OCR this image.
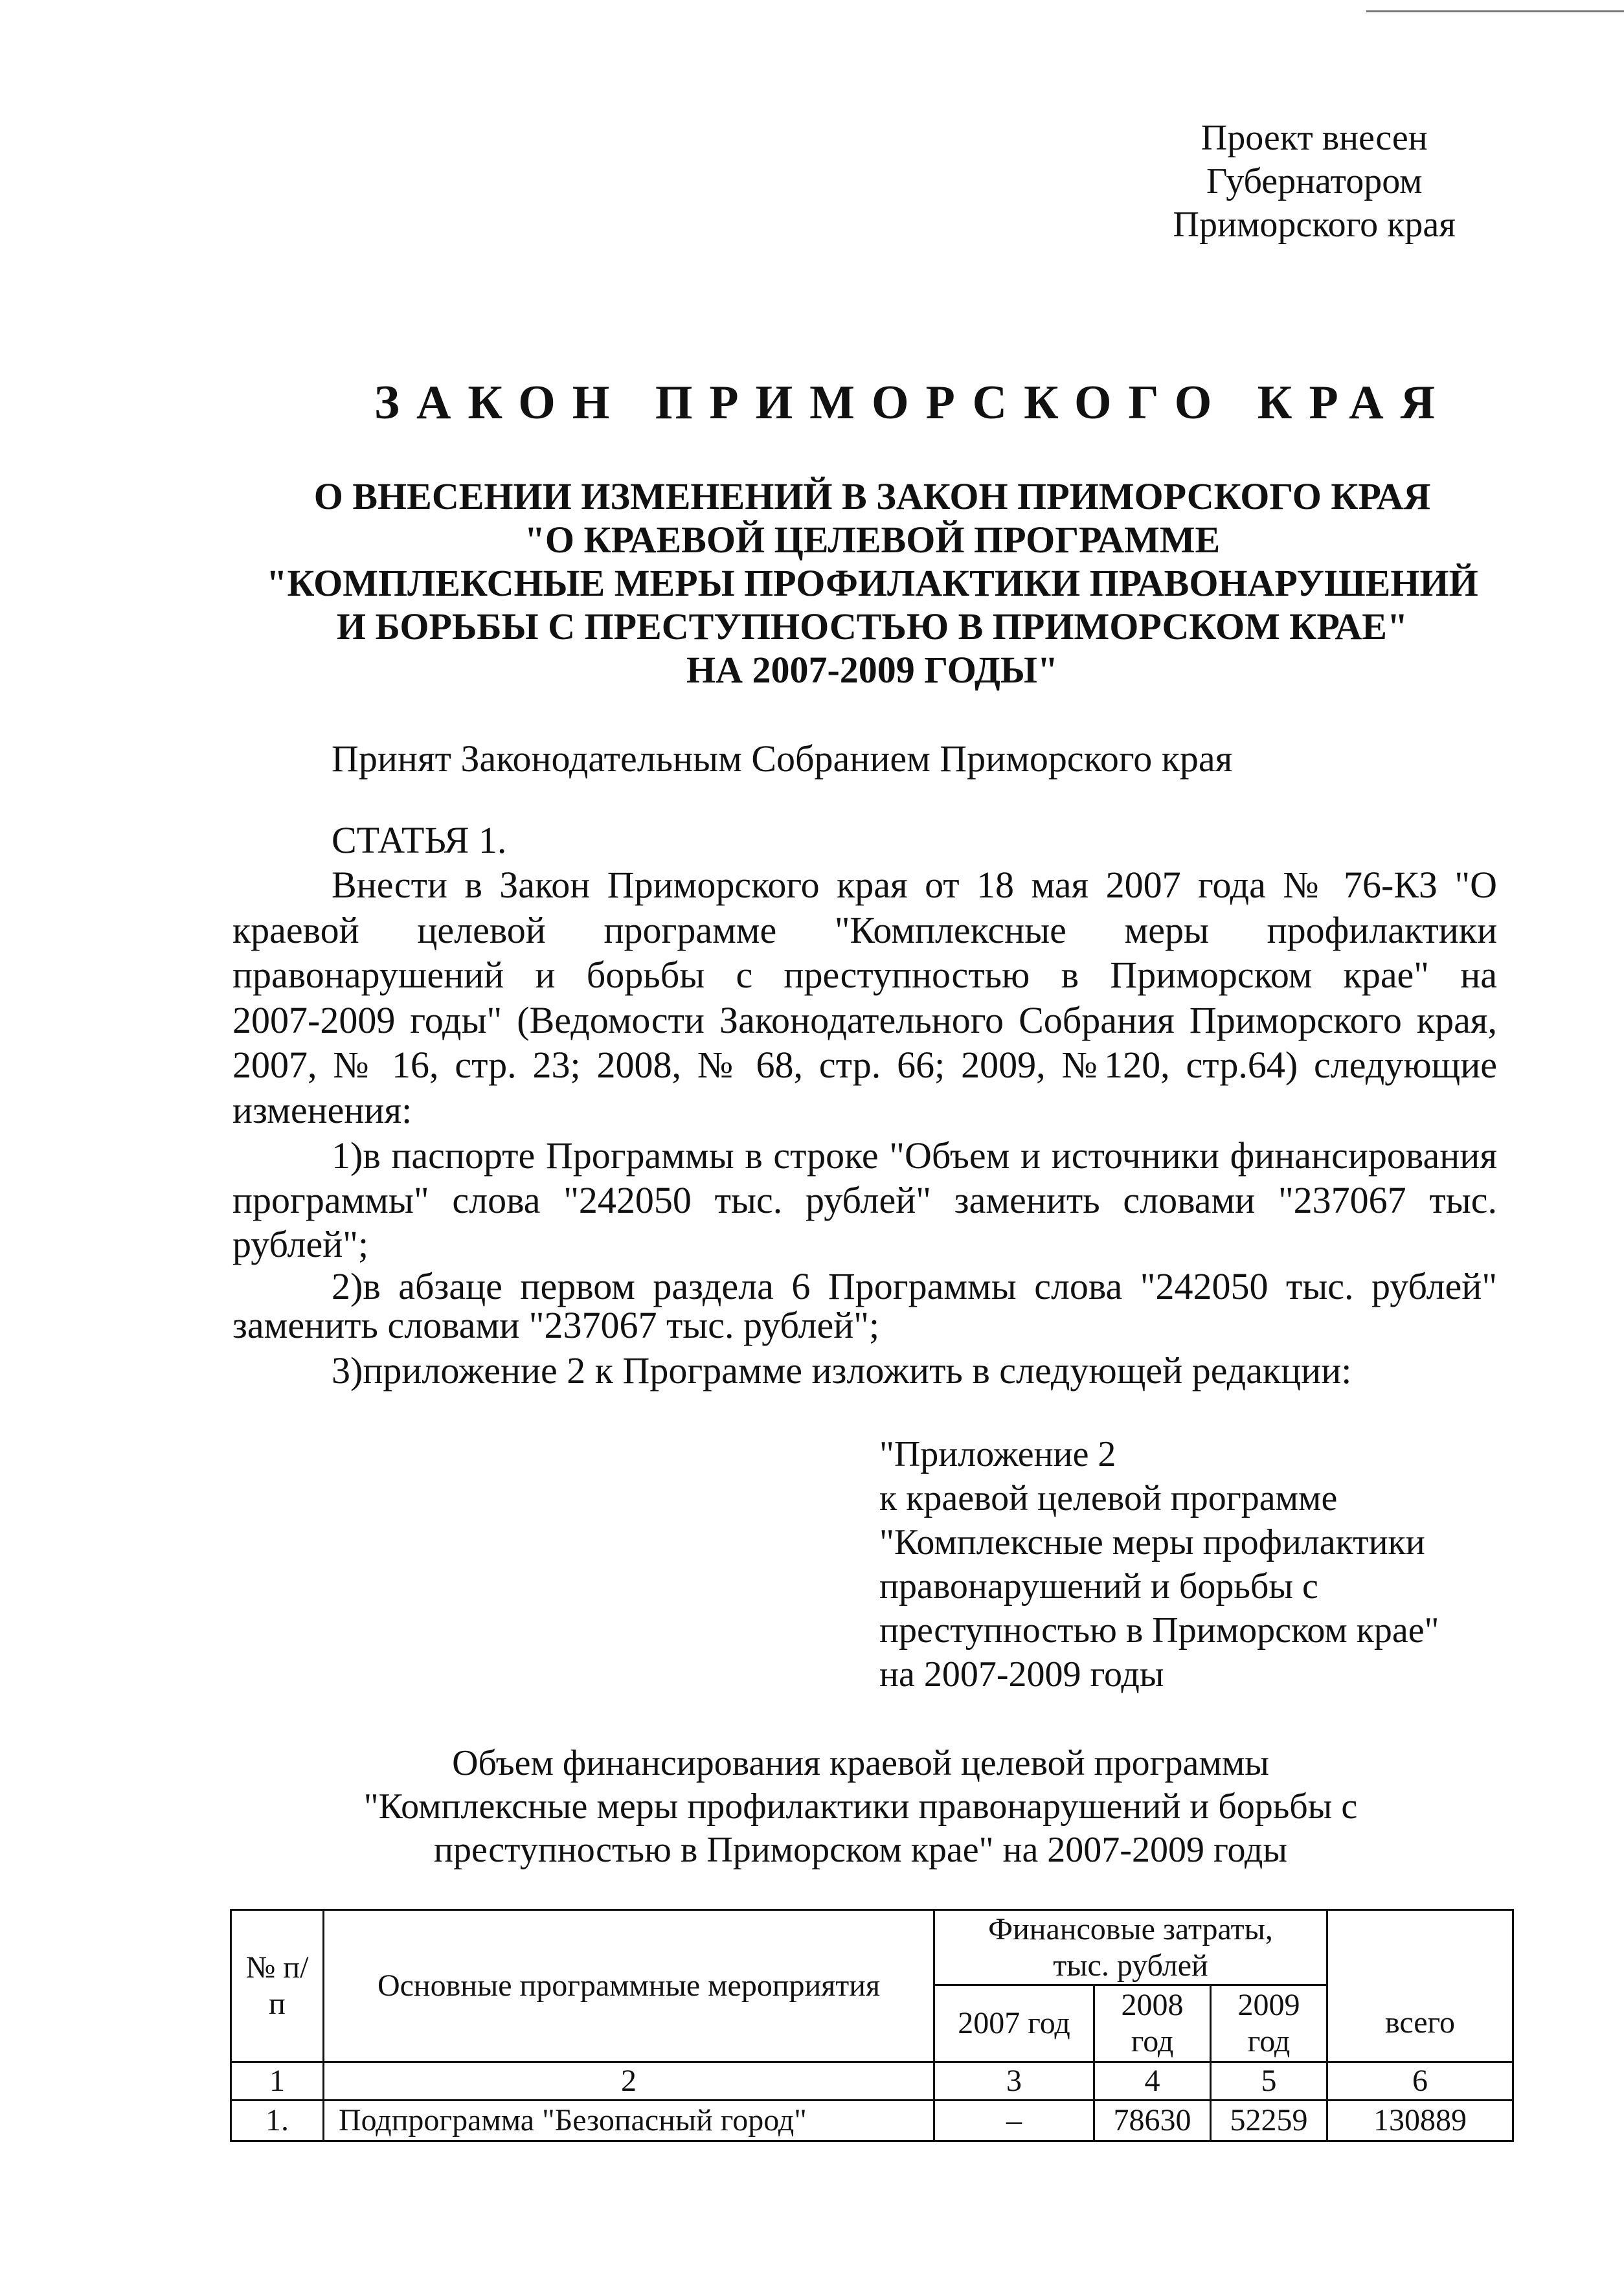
Проект внесен
Губернатором
Приморского края
ЗАКОН ПРИМОРСКОГО КРАЯ
О ВНЕСЕНИИ ИЗМЕНЕНИЙ В ЗАКОН ПРИМОРСКОГО КРАЯ
"О КРАЕВОЙ ЦЕЛЕВОЙ ПРОГРАММЕ
"КОМПЛЕКСНЫЕ МЕРЫ ПРОФИЛАКТИКИ ПРАВОНАРУШЕНИЙ
И БОРЬБЫ С ПРЕСТУПНОСТЬЮ В ПРИМОРСКОМ КРАЕ"
НА 2007-2009 ГОДЫ"
Принят Законодательным Собранием Приморского края
СТАТЬЯ 1.
Внести в Закон Приморского края от 18 мая 2007 года № 76-КЗ "О
краевой целевой программе "Комплексные меры профилактики
правонарушений и борьбы с преступностью в Приморском крае" на
2007-2009 годы" (Ведомости Законодательного Собрания Приморского края,
2007, № 16, стр. 23; 2008, № 68, стр. 66; 2009, №120, стр.64) следующие
изменения:
1)в паспорте Программы в строке "Объем и источники финансирования
программы" слова "242050 тыс. рублей" заменить словами "237067 тыс.
рублей";
2)в абзаце первом раздела 6 Программы слова "242050 тыс. рублей"
заменить словами "237067 тыс. рублей";
3)приложение 2 к Программе изложить в следующей редакции:
"Приложение 2
к краевой целевой программе
"Комплексные меры профилактики
правонарушений и борьбы с
преступностью в Приморском крае"
на 2007-2009 годы
Объем финансирования краевой целевой программы
"Комплексные меры профилактики правонарушений и борьбы с
преступностью в Приморском крае" на 2007-2009 годы
№ п/п	Основные программные мероприятия	Финансовые затраты, тыс. рублей			
		2007 год	2008 год	2009 год	всего
1	2	3	4	5	6
1.	Подпрограмма "Безопасный город"	–	78630	52259	130889
